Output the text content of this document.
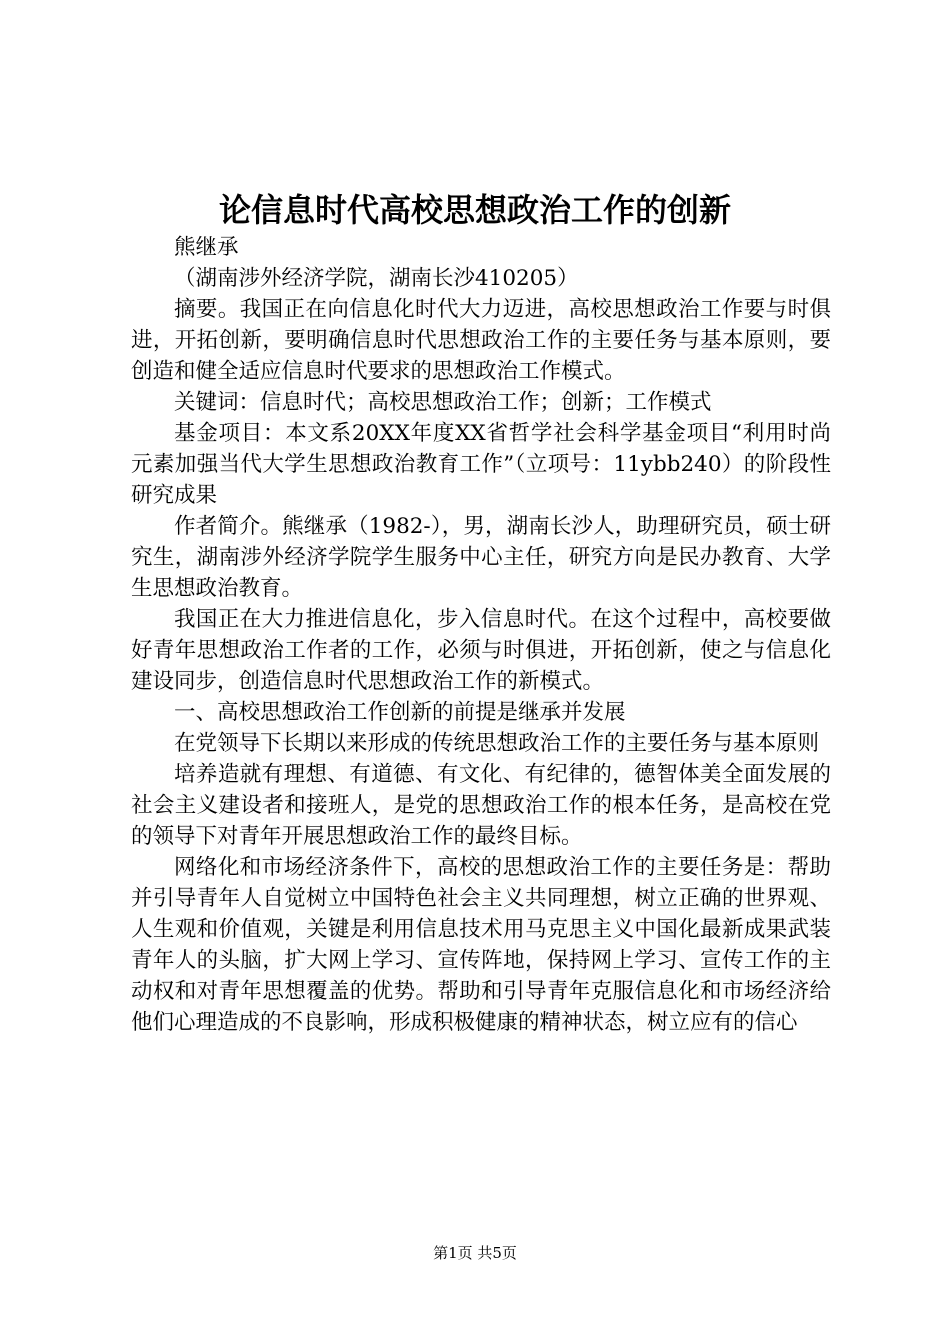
论信息时代高校思想政治工作的创新

熊继承

（湖南涉外经济学院，湖南长沙410205）

摘要。我国正在向信息化时代大力迈进，高校思想政治工作要与时俱进，开拓创新，要明确信息时代思想政治工作的主要任务与基本原则，要创造和健全适应信息时代要求的思想政治工作模式。

关键词：信息时代；高校思想政治工作；创新；工作模式

基金项目：本文系20XX年度XX省哲学社会科学基金项目“利用时尚元素加强当代大学生思想政治教育工作”（立项号：11ybb240）的阶段性研究成果

作者简介。熊继承（1982-），男，湖南长沙人，助理研究员，硕士研究生，湖南涉外经济学院学生服务中心主任，研究方向是民办教育、大学生思想政治教育。

我国正在大力推进信息化，步入信息时代。在这个过程中，高校要做好青年思想政治工作者的工作，必须与时俱进，开拓创新，使之与信息化建设同步，创造信息时代思想政治工作的新模式。

一、高校思想政治工作创新的前提是继承并发展

在党领导下长期以来形成的传统思想政治工作的主要任务与基本原则

培养造就有理想、有道德、有文化、有纪律的，德智体美全面发展的社会主义建设者和接班人，是党的思想政治工作的根本任务，是高校在党的领导下对青年开展思想政治工作的最终目标。

网络化和市场经济条件下，高校的思想政治工作的主要任务是：帮助并引导青年人自觉树立中国特色社会主义共同理想，树立正确的世界观、人生观和价值观，关键是利用信息技术用马克思主义中国化最新成果武装青年人的头脑，扩大网上学习、宣传阵地，保持网上学习、宣传工作的主动权和对青年思想覆盖的优势。帮助和引导青年克服信息化和市场经济给他们心理造成的不良影响，形成积极健康的精神状态，树立应有的信心

第1页 共5页
